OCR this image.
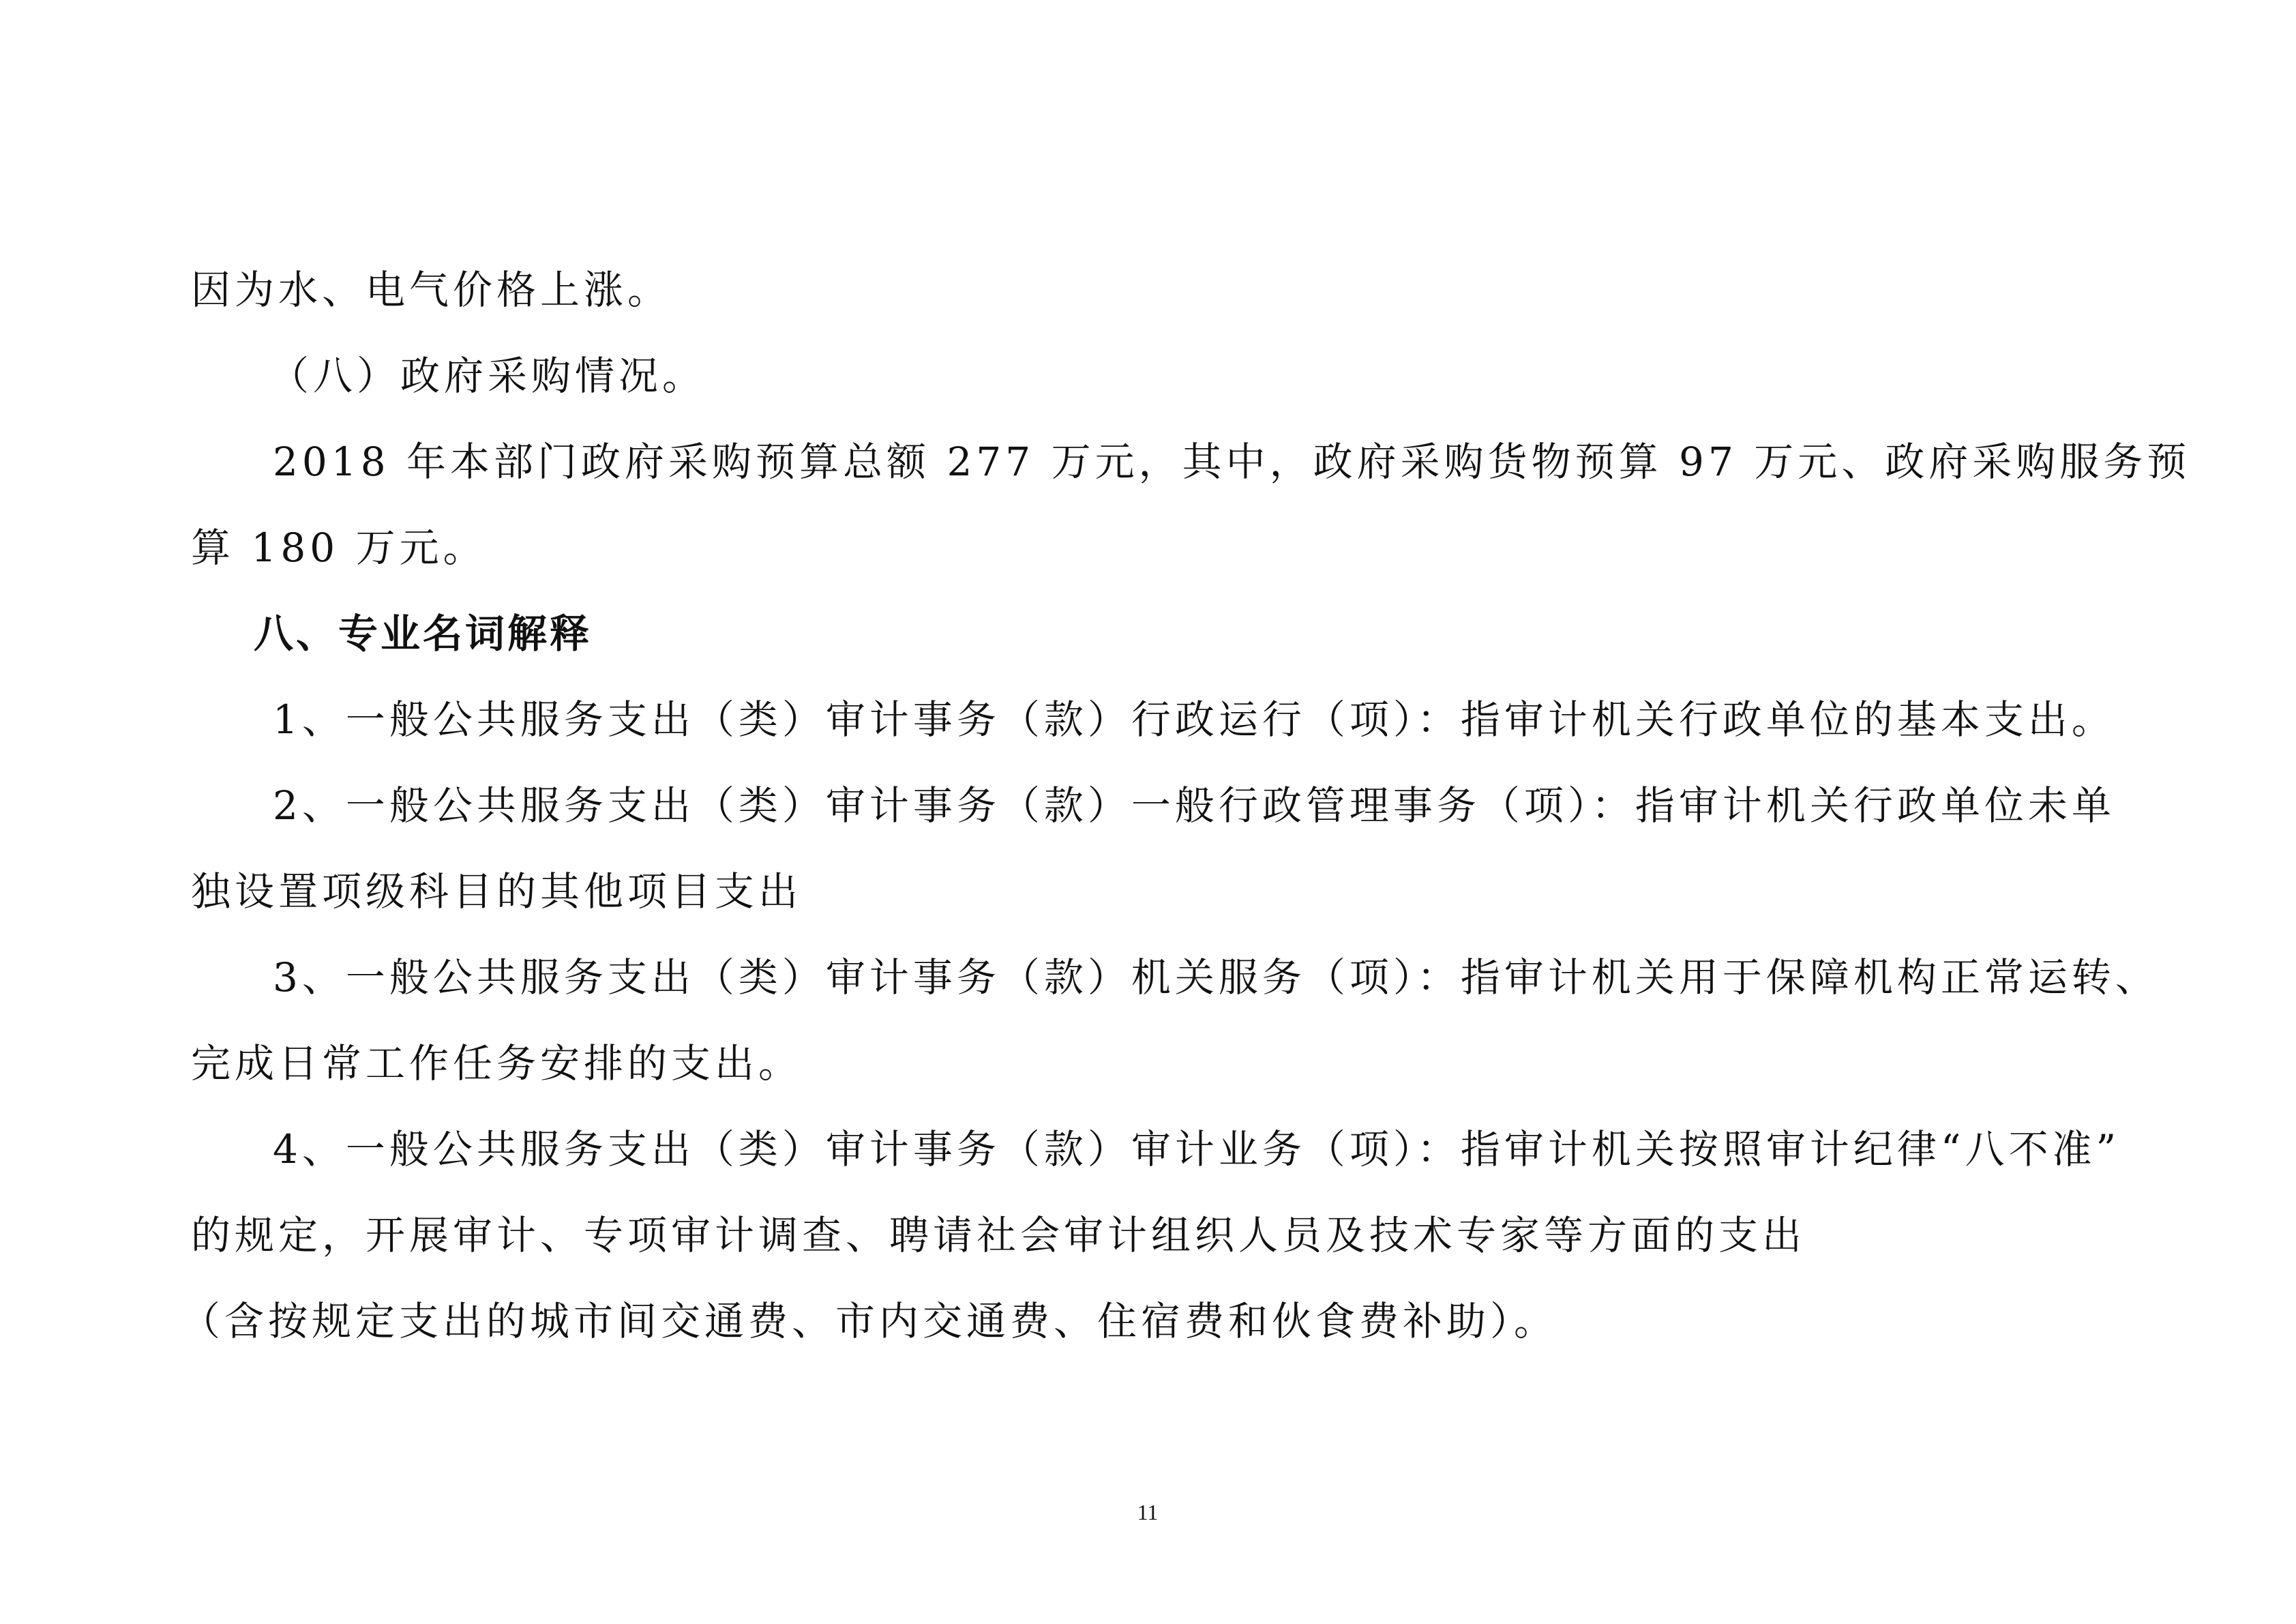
因为水、电气价格上涨。
（八）政府采购情况。
2018 年本部门政府采购预算总额 277 万元，其中，政府采购货物预算 97 万元、政府采购服务预
算 180 万元。
八、专业名词解释
1、一般公共服务支出（类）审计事务（款）行政运行（项）：指审计机关行政单位的基本支出。
2、一般公共服务支出（类）审计事务（款）一般行政管理事务（项）：指审计机关行政单位未单
独设置项级科目的其他项目支出
3、一般公共服务支出（类）审计事务（款）机关服务（项）：指审计机关用于保障机构正常运转、
完成日常工作任务安排的支出。
4、一般公共服务支出（类）审计事务（款）审计业务（项）：指审计机关按照审计纪律“八不准”
的规定，开展审计、专项审计调查、聘请社会审计组织人员及技术专家等方面的支出
（含按规定支出的城市间交通费、市内交通费、住宿费和伙食费补助）。
11
